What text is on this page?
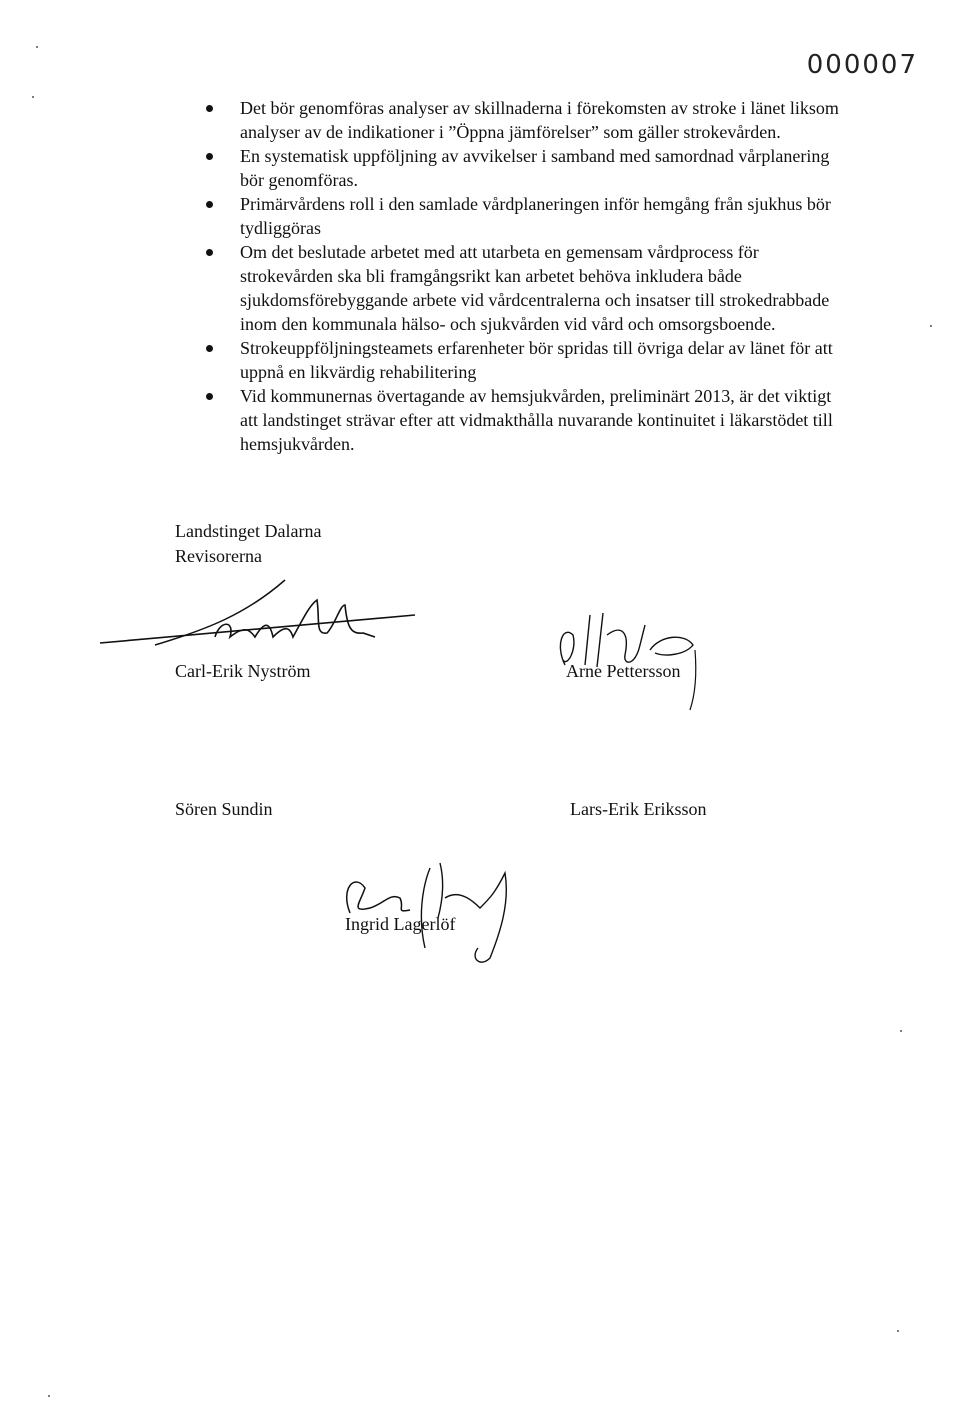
000007
Det bör genomföras analyser av skillnaderna i förekomsten av stroke i länet liksom analyser av de indikationer i ”Öppna jämförelser” som gäller strokevården.
En systematisk uppföljning av avvikelser i samband med samordnad vårplanering bör genomföras.
Primärvårdens roll i den samlade vårdplaneringen inför hemgång från sjukhus bör tydliggöras
Om det beslutade arbetet med att utarbeta en gemensam vårdprocess för strokevården ska bli framgångsrikt kan arbetet behöva inkludera både sjukdomsförebyggande arbete vid vårdcentralerna och insatser till strokedrabbade inom den kommunala hälso- och sjukvården vid vård och omsorgsboende.
Strokeuppföljningsteamets erfarenheter bör spridas till övriga delar av länet för att uppnå en likvärdig rehabilitering
Vid kommunernas övertagande av hemsjukvården, preliminärt 2013, är det viktigt att landstinget strävar efter att vidmakthålla nuvarande kontinuitet i läkarstödet till hemsjukvården.
Landstinget Dalarna
Revisorerna
Carl-Erik Nyström	Arne Pettersson
Sören Sundin	Lars-Erik Eriksson
Ingrid Lagerlöf
